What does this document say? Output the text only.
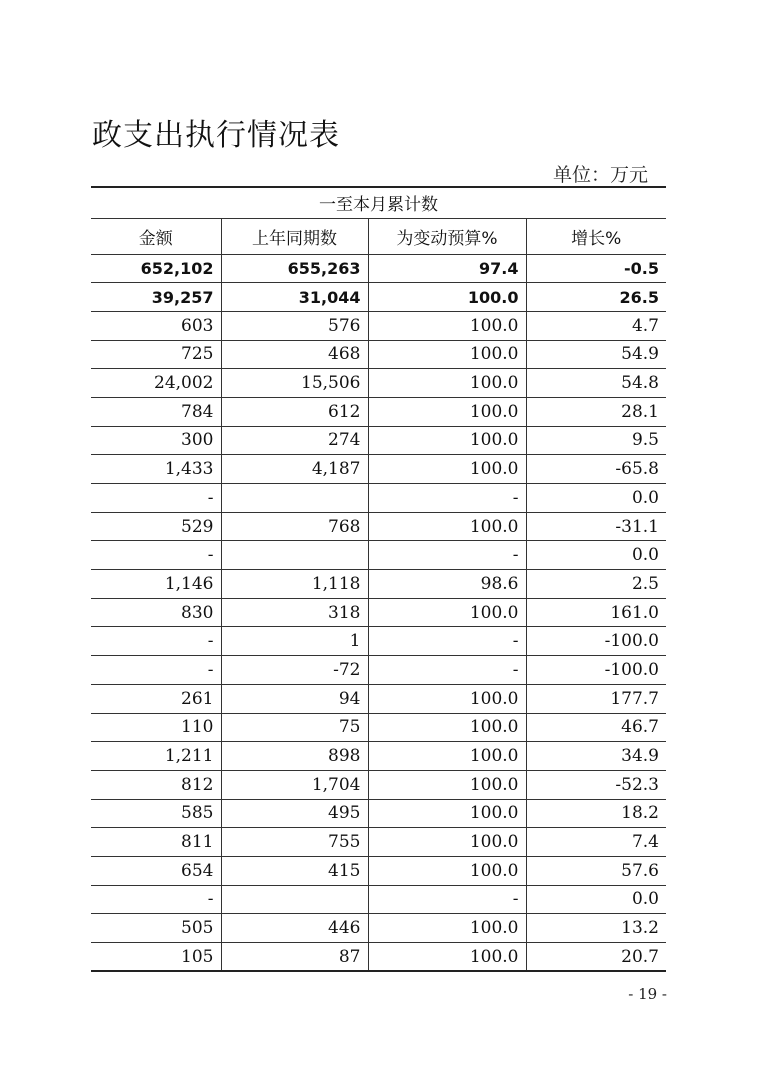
政支出执行情况表
单位：万元
一至本月累计数			
金额	上年同期数	为变动预算%	增长%
652,102	655,263	97.4	-0.5
39,257	31,044	100.0	26.5
603	576	100.0	4.7
725	468	100.0	54.9
24,002	15,506	100.0	54.8
784	612	100.0	28.1
300	274	100.0	9.5
1,433	4,187	100.0	-65.8
-		-	0.0
529	768	100.0	-31.1
-		-	0.0
1,146	1,118	98.6	2.5
830	318	100.0	161.0
-	1	-	-100.0
-	-72	-	-100.0
261	94	100.0	177.7
110	75	100.0	46.7
1,211	898	100.0	34.9
812	1,704	100.0	-52.3
585	495	100.0	18.2
811	755	100.0	7.4
654	415	100.0	57.6
-		-	0.0
505	446	100.0	13.2
105	87	100.0	20.7
- 19 -
